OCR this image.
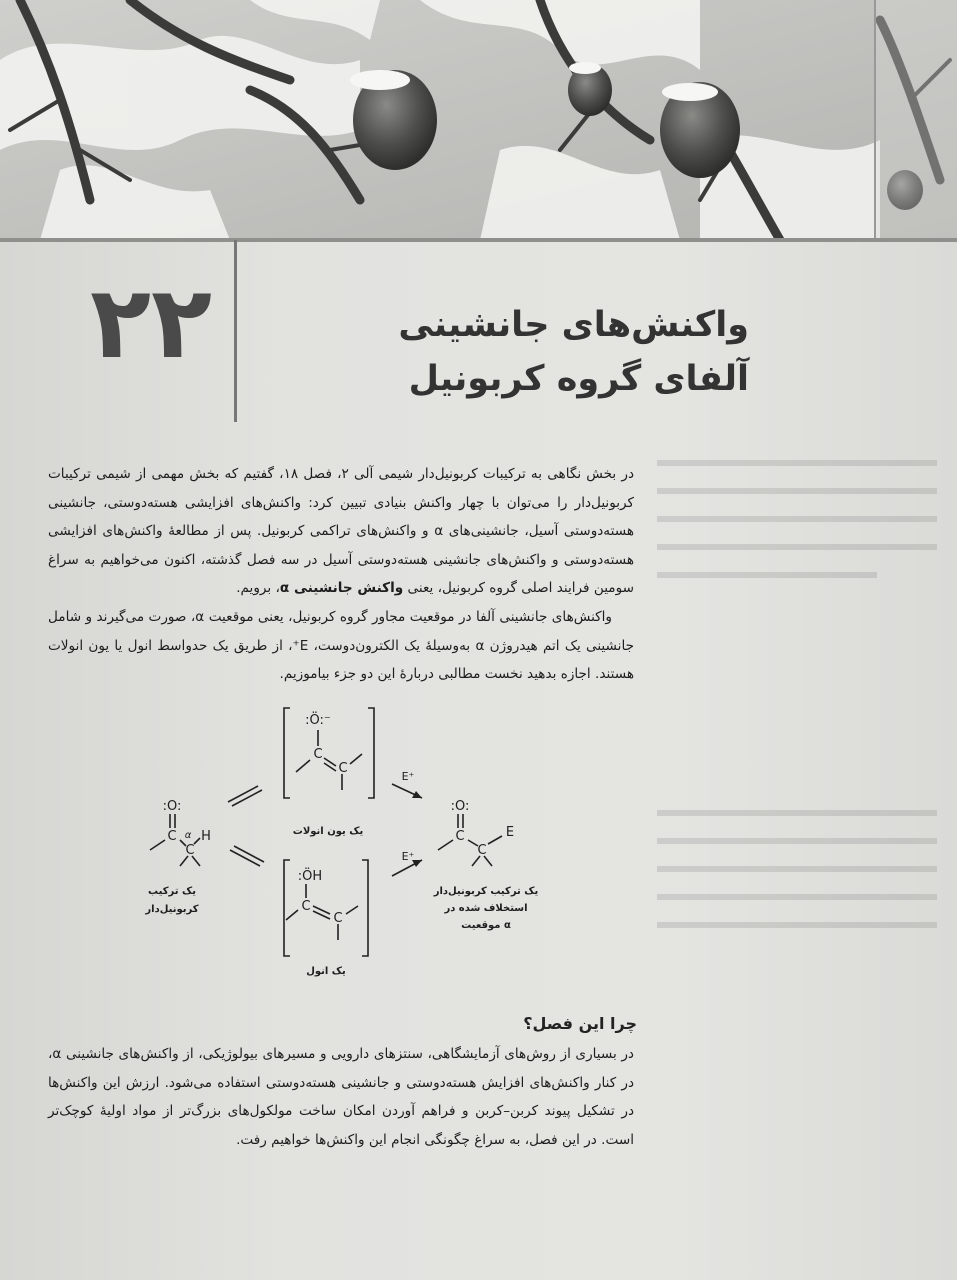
۲۲	واکنش‌های جانشینی
آلفای گروه کربونیل

در بخش نگاهی به ترکیبات کربونیل‌دار شیمی آلی ۲، فصل ۱۸، گفتیم که بخش مهمی از شیمی ترکیبات کربونیل‌دار را می‌توان با چهار واکنش بنیادی تبیین کرد: واکنش‌های افزایشی هسته‌دوستی، جانشینی هسته‌دوستی آسیل، جانشینی‌های α و واکنش‌های تراکمی کربونیل. پس از مطالعهٔ واکنش‌های افزایشی هسته‌دوستی و واکنش‌های جانشینی هسته‌دوستی آسیل در سه فصل گذشته، اکنون می‌خواهیم به سراغ سومین فرایند اصلی گروه کربونیل، یعنی واکنش جانشینی α، برویم.

واکنش‌های جانشینی آلفا در موقعیت مجاور گروه کربونیل، یعنی موقعیت α، صورت می‌گیرند و شامل جانشینی یک اتم هیدروژن α به‌وسیلهٔ یک الکترون‌دوست، E⁺، از طریق یک حدواسط انول یا یون انولات هستند. اجازه بدهید نخست مطالبی دربارهٔ این دو جزء بیاموزیم.

:Ö:⁻
C
C
:O:
C
C
α H
:ÖH
C
C
:O:
C
C
E
E⁺
E⁺
یک یون انولات
یک ترکیب
کربونیل‌دار
یک ترکیب کربونیل‌دار
استخلاف شده در
موقعیت α
یک انول
چرا این فصل؟

در بسیاری از روش‌های آزمایشگاهی، سنتزهای دارویی و مسیرهای بیولوژیکی، از واکنش‌های جانشینی α، در کنار واکنش‌های افزایش هسته‌دوستی و جانشینی هسته‌دوستی استفاده می‌شود. ارزش این واکنش‌ها در تشکیل پیوند کربن–کربن و فراهم آوردن امکان ساخت مولکول‌های بزرگ‌تر از مواد اولیهٔ کوچک‌تر است. در این فصل، به سراغ چگونگی انجام این واکنش‌ها خواهیم رفت.
